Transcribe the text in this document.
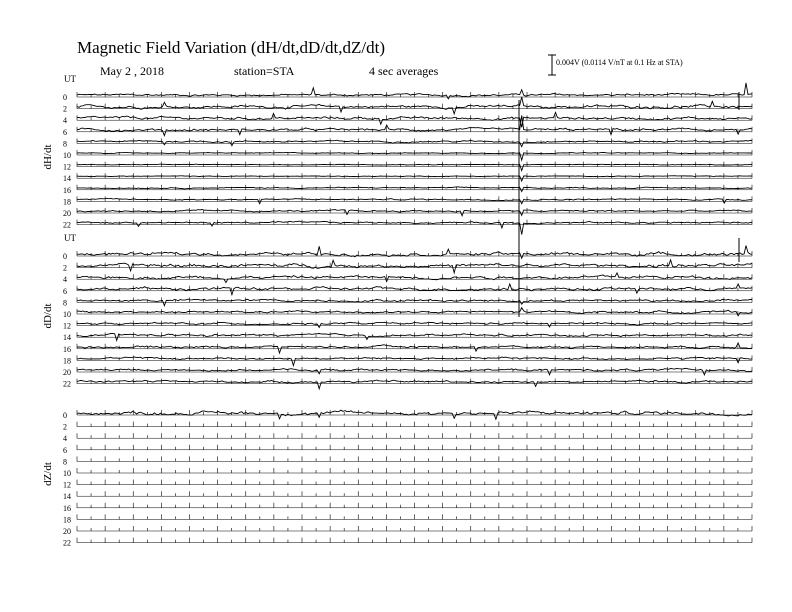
Magnetic Field Variation (dH/dt,dD/dt,dZ/dt)
May 2 , 2018	station=STA	4 sec averages
0.004V (0.0114 V/nT at 0.1 Hz at STA)
dH/dt
UT
0
2
4
6
8
10
12
14
16
18
20
22
dD/dt
UT
0
2
4
6
8
10
12
14
16
18
20
22
dZ/dt
0
2
4
6
8
10
12
14
16
18
20
22
